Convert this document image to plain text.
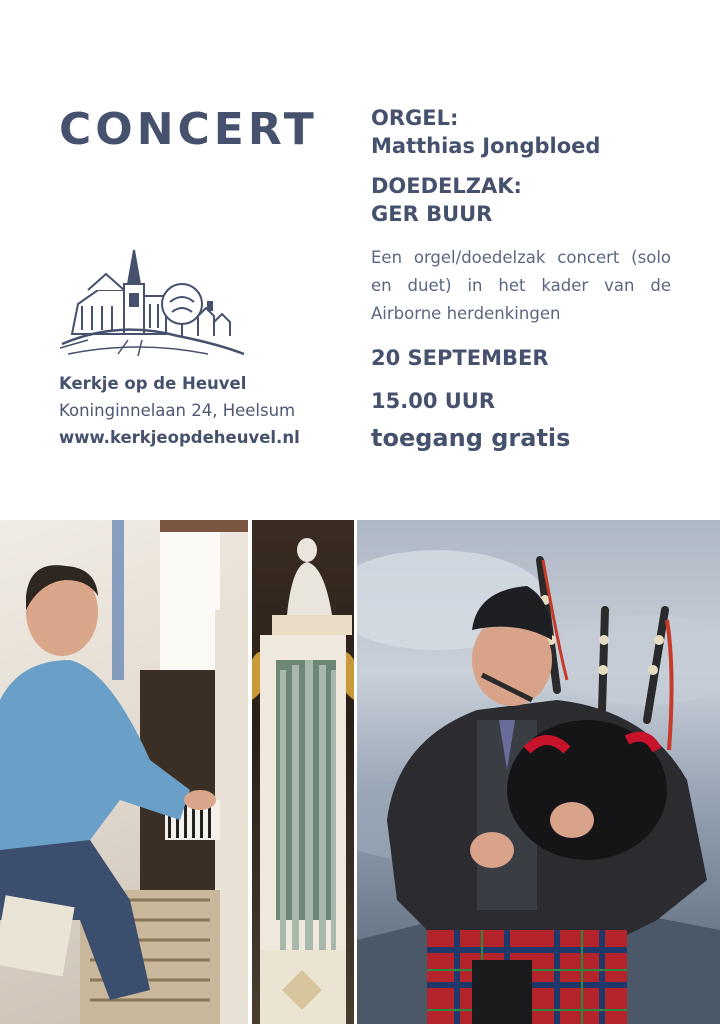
CONCERT
Kerkje op de Heuvel
Koninginnelaan 24, Heelsum
www.kerkjeopdeheuvel.nl
ORGEL:
Matthias Jongbloed
DOEDELZAK:
GER BUUR
Een orgel/doedelzak concert (solo en duet) in het kader van de Airborne herdenkingen
20 SEPTEMBER
15.00 UUR
toegang gratis
